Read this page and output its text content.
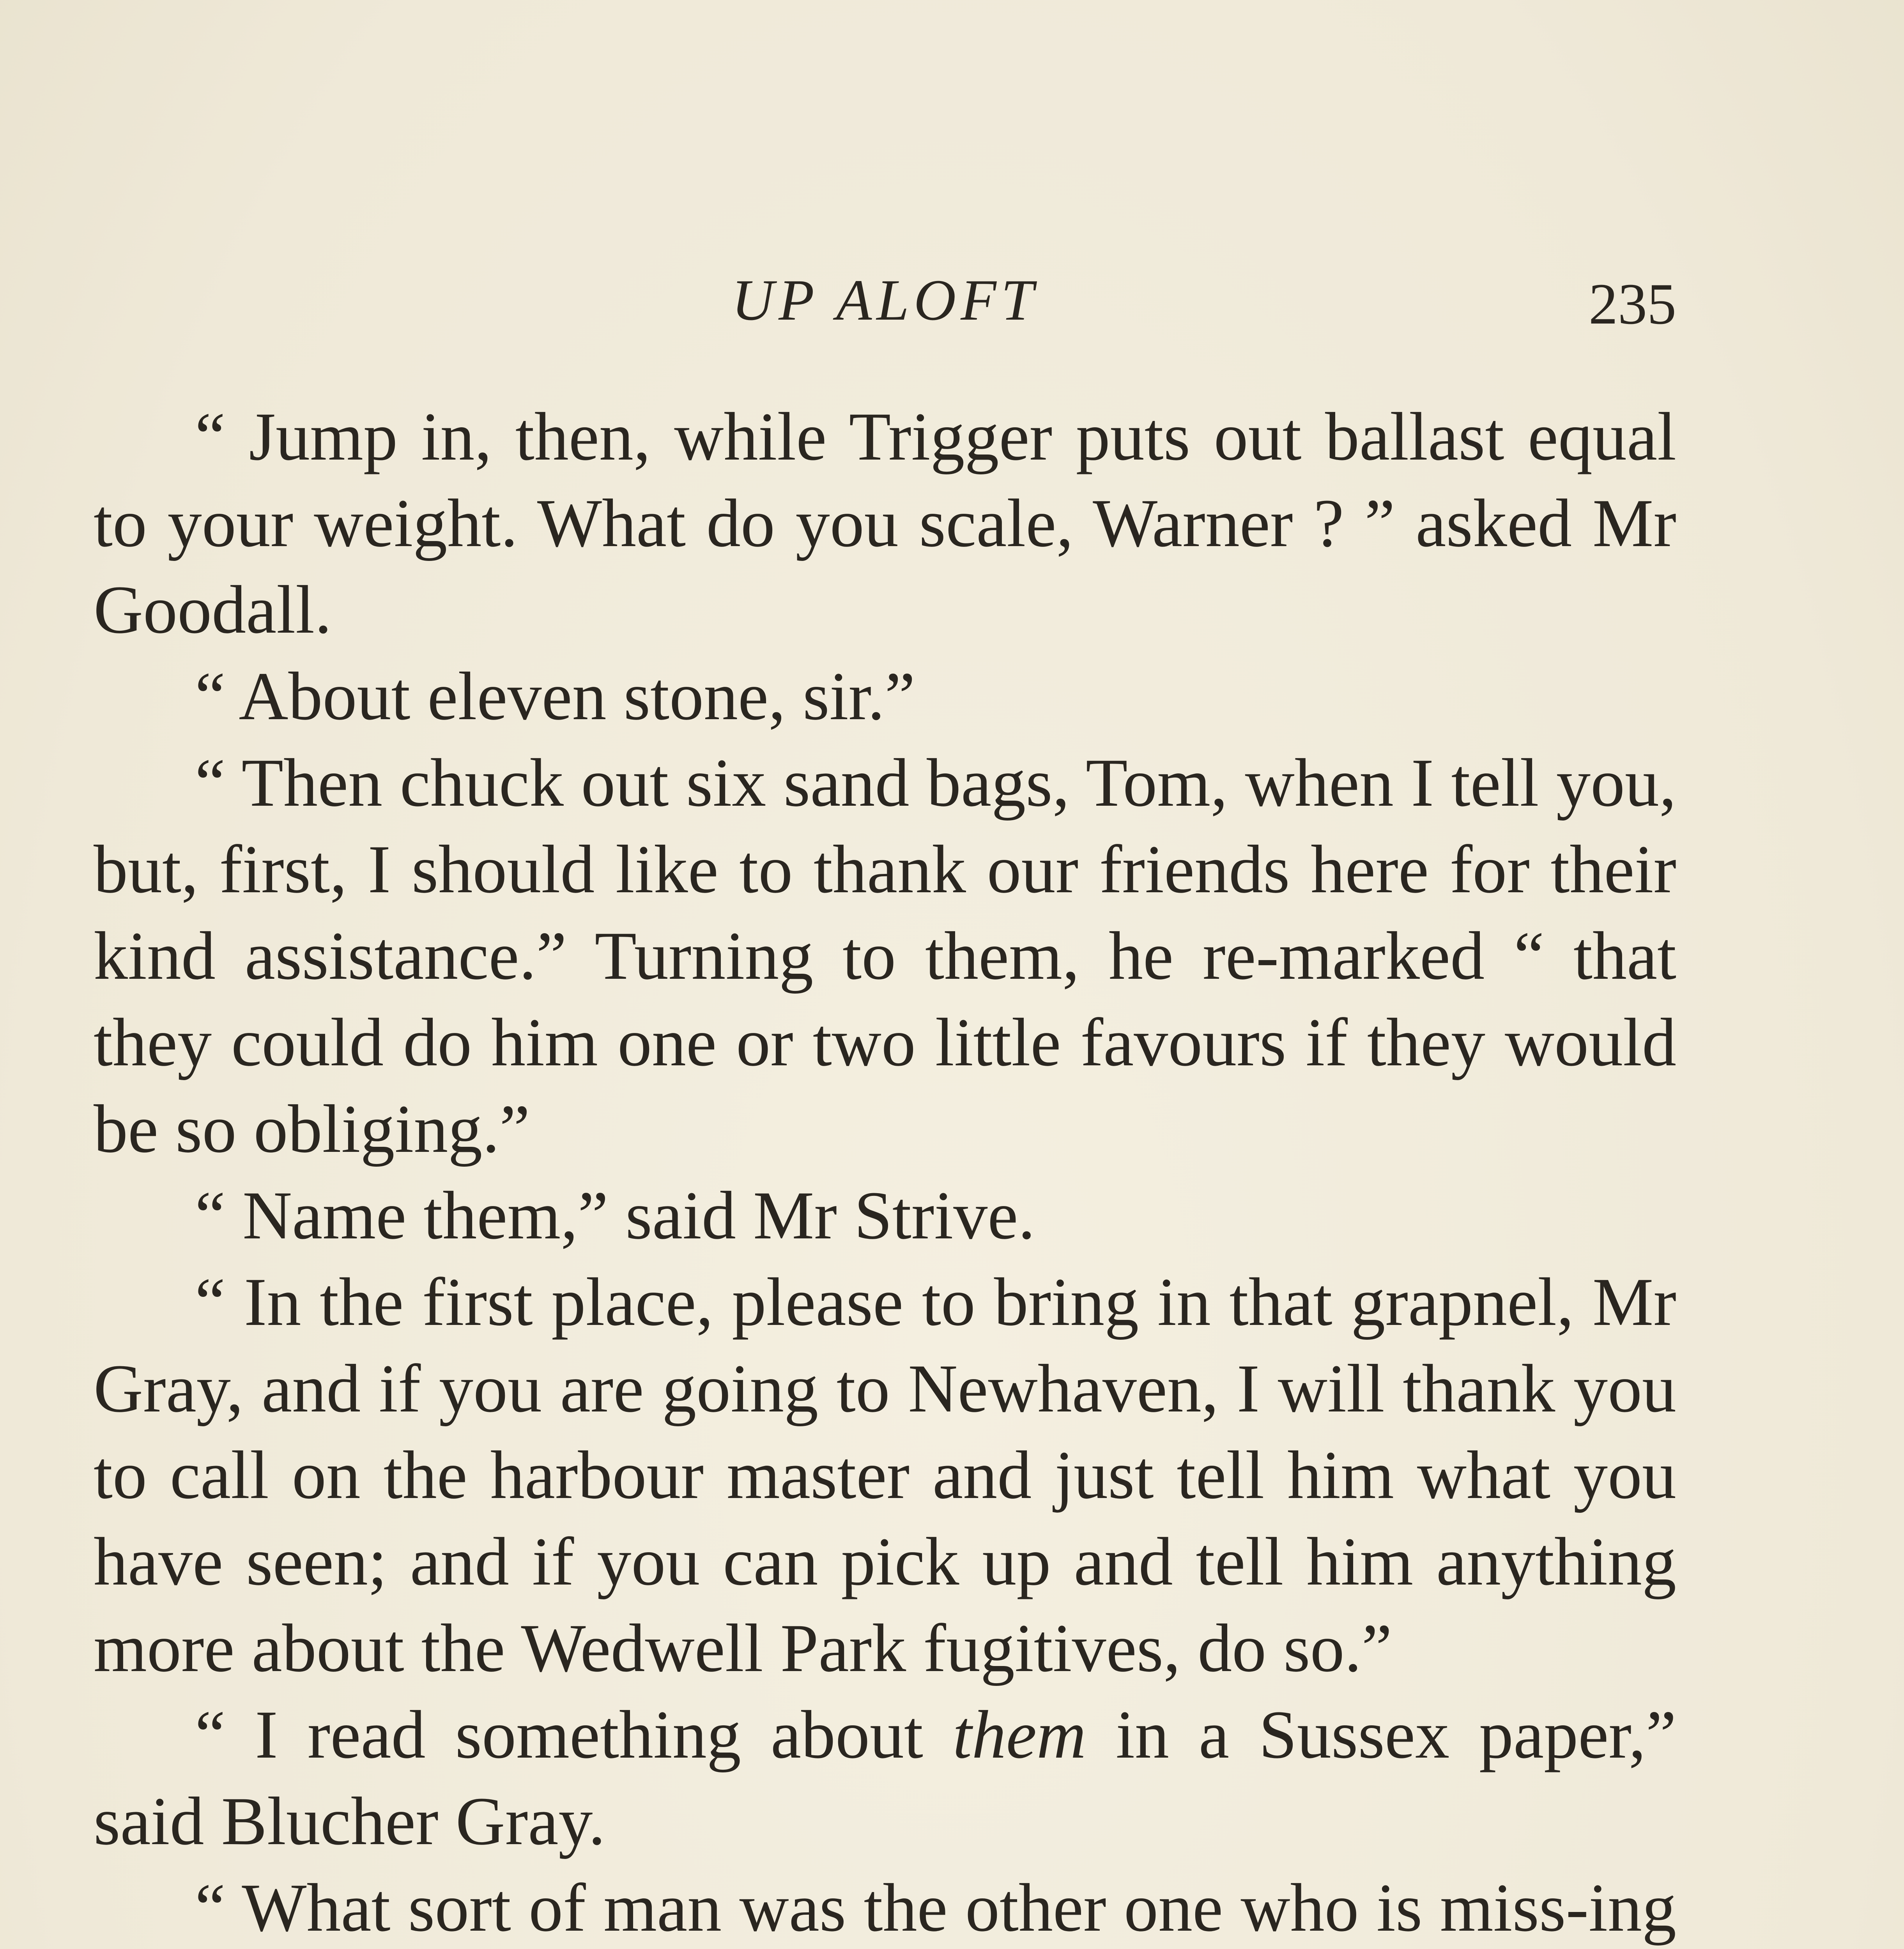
UP ALOFT	235

“ Jump in, then, while Trigger puts out ballast equal to your weight. What do you scale, Warner ? ” asked Mr Goodall.

“ About eleven stone, sir.”

“ Then chuck out six sand bags, Tom, when I tell you, but, first, I should like to thank our friends here for their kind assistance.” Turning to them, he re-marked “ that they could do him one or two little favours if they would be so obliging.”

“ Name them,” said Mr Strive.

“ In the first place, please to bring in that grapnel, Mr Gray, and if you are going to Newhaven, I will thank you to call on the harbour master and just tell him what you have seen; and if you can pick up and tell him anything more about the Wedwell Park fugitives, do so.”

“ I read something about them in a Sussex paper,” said Blucher Gray.

“ What sort of man was the other one who is miss-ing
